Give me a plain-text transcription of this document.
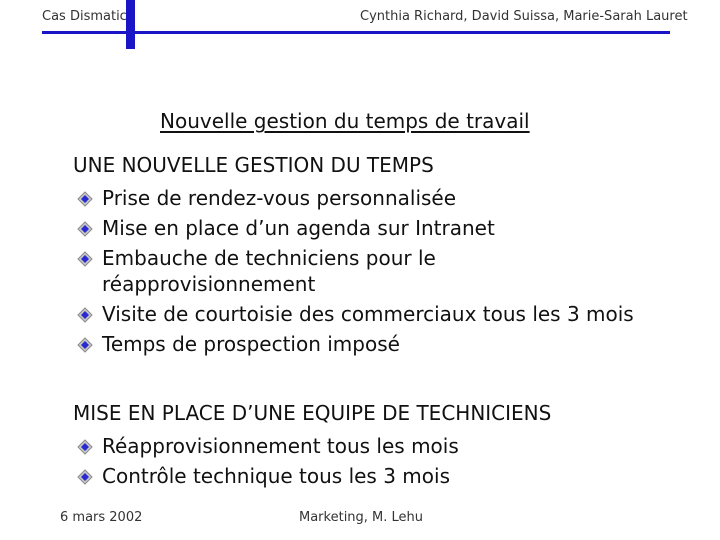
Cas Dismatic	Cynthia Richard, David Suissa, Marie-Sarah Lauret
Nouvelle gestion du temps de travail
UNE NOUVELLE GESTION DU TEMPS
Prise de rendez-vous personnalisée
Mise en place d’un agenda sur Intranet
Embauche de techniciens pour le réapprovisionnement
Visite de courtoisie des commerciaux tous les 3 mois
Temps de prospection imposé
MISE EN PLACE D’UNE EQUIPE DE TECHNICIENS
Réapprovisionnement tous les mois
Contrôle technique tous les 3 mois
6 mars 2002	Marketing, M. Lehu
